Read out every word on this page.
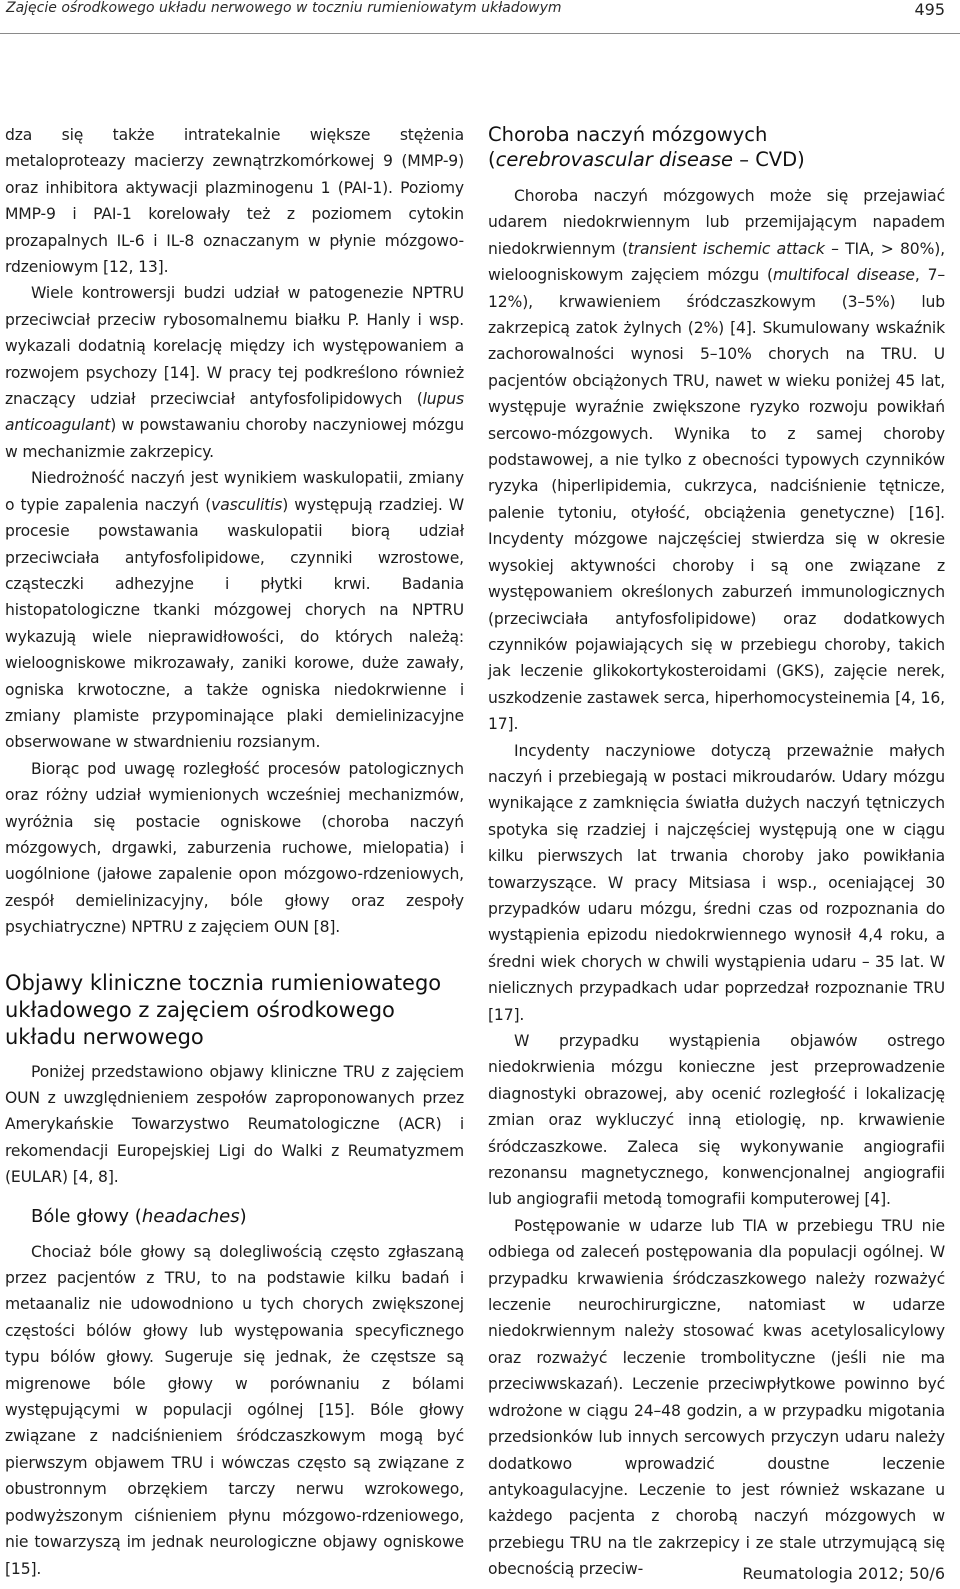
Zajęcie ośrodkowego układu nerwowego w toczniu rumieniowatym układowym	495

dza się także intratekalnie większe stężenia metaloproteazy macierzy zewnątrzkomórkowej 9 (MMP-9) oraz inhibitora aktywacji plazminogenu 1 (PAI-1). Poziomy MMP-9 i PAI-1 korelowały też z poziomem cytokin prozapalnych IL-6 i IL-8 oznaczanym w płynie mózgowo-rdzeniowym [12, 13].

Wiele kontrowersji budzi udział w patogenezie NPTRU przeciwciał przeciw rybosomalnemu białku P. Hanly i wsp. wykazali dodatnią korelację między ich występowaniem a rozwojem psychozy [14]. W pracy tej podkreślono również znaczący udział przeciwciał antyfosfolipidowych (lupus anticoagulant) w powstawaniu choroby naczyniowej mózgu w mechanizmie zakrzepicy.

Niedrożność naczyń jest wynikiem waskulopatii, zmiany o typie zapalenia naczyń (vasculitis) występują rzadziej. W procesie powstawania waskulopatii biorą udział przeciwciała antyfosfolipidowe, czynniki wzrostowe, cząsteczki adhezyjne i płytki krwi. Badania histopatologiczne tkanki mózgowej chorych na NPTRU wykazują wiele nieprawidłowości, do których należą: wieloogniskowe mikrozawały, zaniki korowe, duże zawały, ogniska krwotoczne, a także ogniska niedokrwienne i zmiany plamiste przypominające plaki demielinizacyjne obserwowane w stwardnieniu rozsianym.

Biorąc pod uwagę rozległość procesów patologicznych oraz różny udział wymienionych wcześniej mechanizmów, wyróżnia się postacie ogniskowe (choroba naczyń mózgowych, drgawki, zaburzenia ruchowe, mielopatia) i uogólnione (jałowe zapalenie opon mózgowo-rdzeniowych, zespół demielinizacyjny, bóle głowy oraz zespoły psychiatryczne) NPTRU z zajęciem OUN [8].

Objawy kliniczne tocznia rumieniowatego układowego z zajęciem ośrodkowego układu nerwowego

Poniżej przedstawiono objawy kliniczne TRU z zajęciem OUN z uwzględnieniem zespołów zaproponowanych przez Amerykańskie Towarzystwo Reumatologiczne (ACR) i rekomendacji Europejskiej Ligi do Walki z Reumatyzmem (EULAR) [4, 8].

Bóle głowy (headaches)

Chociaż bóle głowy są dolegliwością często zgłaszaną przez pacjentów z TRU, to na podstawie kilku badań i metaanaliz nie udowodniono u tych chorych zwiększonej częstości bólów głowy lub występowania specyficznego typu bólów głowy. Sugeruje się jednak, że częstsze są migrenowe bóle głowy w porównaniu z bólami występującymi w populacji ogólnej [15]. Bóle głowy związane z nadciśnieniem śródczaszkowym mogą być pierwszym objawem TRU i wówczas często są związane z obustronnym obrzękiem tarczy nerwu wzrokowego, podwyższonym ciśnieniem płynu mózgowo-rdzeniowego, nie towarzyszą im jednak neurologiczne objawy ogniskowe [15].

Choroba naczyń mózgowych
(cerebrovascular disease – CVD)

Choroba naczyń mózgowych może się przejawiać udarem niedokrwiennym lub przemijającym napadem niedokrwiennym (transient ischemic attack – TIA, > 80%), wieloogniskowym zajęciem mózgu (multifocal disease, 7–12%), krwawieniem śródczaszkowym (3–5%) lub zakrzepicą zatok żylnych (2%) [4]. Skumulowany wskaźnik zachorowalności wynosi 5–10% chorych na TRU. U pacjentów obciążonych TRU, nawet w wieku poniżej 45 lat, występuje wyraźnie zwiększone ryzyko rozwoju powikłań sercowo-mózgowych. Wynika to z samej choroby podstawowej, a nie tylko z obecności typowych czynników ryzyka (hiperlipidemia, cukrzyca, nadciśnienie tętnicze, palenie tytoniu, otyłość, obciążenia genetyczne) [16]. Incydenty mózgowe najczęściej stwierdza się w okresie wysokiej aktywności choroby i są one związane z występowaniem określonych zaburzeń immunologicznych (przeciwciała antyfosfolipidowe) oraz dodatkowych czynników pojawiających się w przebiegu choroby, takich jak leczenie glikokortykosteroidami (GKS), zajęcie nerek, uszkodzenie zastawek serca, hiperhomocysteinemia [4, 16, 17].

Incydenty naczyniowe dotyczą przeważnie małych naczyń i przebiegają w postaci mikroudarów. Udary mózgu wynikające z zamknięcia światła dużych naczyń tętniczych spotyka się rzadziej i najczęściej występują one w ciągu kilku pierwszych lat trwania choroby jako powikłania towarzyszące. W pracy Mitsiasa i wsp., oceniającej 30 przypadków udaru mózgu, średni czas od rozpoznania do wystąpienia epizodu niedokrwiennego wynosił 4,4 roku, a średni wiek chorych w chwili wystąpienia udaru – 35 lat. W nielicznych przypadkach udar poprzedzał rozpoznanie TRU [17].

W przypadku wystąpienia objawów ostrego niedokrwienia mózgu konieczne jest przeprowadzenie diagnostyki obrazowej, aby ocenić rozległość i lokalizację zmian oraz wykluczyć inną etiologię, np. krwawienie śródczaszkowe. Zaleca się wykonywanie angiografii rezonansu magnetycznego, konwencjonalnej angiografii lub angiografii metodą tomografii komputerowej [4].

Postępowanie w udarze lub TIA w przebiegu TRU nie odbiega od zaleceń postępowania dla populacji ogólnej. W przypadku krwawienia śródczaszkowego należy rozważyć leczenie neurochirurgiczne, natomiast w udarze niedokrwiennym należy stosować kwas acetylosalicylowy oraz rozważyć leczenie trombolityczne (jeśli nie ma przeciwwskazań). Leczenie przeciwpłytkowe powinno być wdrożone w ciągu 24–48 godzin, a w przypadku migotania przedsionków lub innych sercowych przyczyn udaru należy dodatkowo wprowadzić doustne leczenie antykoagulacyjne. Leczenie to jest również wskazane u każdego pacjenta z chorobą naczyń mózgowych w przebiegu TRU na tle zakrzepicy i ze stale utrzymującą się obecnością przeciw-	Reumatologia 2012; 50/6
